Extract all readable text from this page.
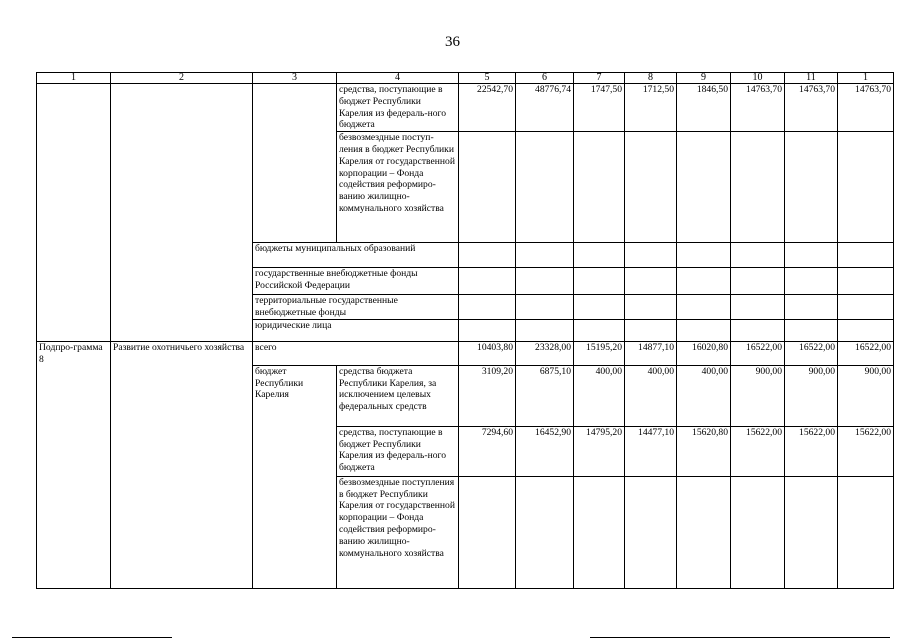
36
1	2	3	4	5	6	7	8	9	10	11	1
			средства, поступающие в бюджет Республики Карелия из федераль-ного бюджета	22542,70	48776,74	1747,50	1712,50	1846,50	14763,70	14763,70	14763,70
			безвозмездные поступ-ления в бюджет Республики Карелия от государственной корпорации – Фонда содействия реформиро-ванию жилищно-коммунального хозяйства								
		бюджеты муниципальных образований									
		государственные внебюджетные фонды Российской Федерации									
		территориальные государственные внебюджетные фонды									
		юридические лица									
Подпро-грамма 8	Развитие охотничьего хозяйства	всего		10403,80	23328,00	15195,20	14877,10	16020,80	16522,00	16522,00	16522,00
		бюджет Республики Карелия	средства бюджета Республики Карелия, за исключением целевых федеральных средств	3109,20	6875,10	400,00	400,00	400,00	900,00	900,00	900,00
			средства, поступающие в бюджет Республики Карелия из федераль-ного бюджета	7294,60	16452,90	14795,20	14477,10	15620,80	15622,00	15622,00	15622,00
			безвозмездные поступления в бюджет Республики Карелия от государственной корпорации – Фонда содействия реформиро-ванию жилищно-коммунального хозяйства								
